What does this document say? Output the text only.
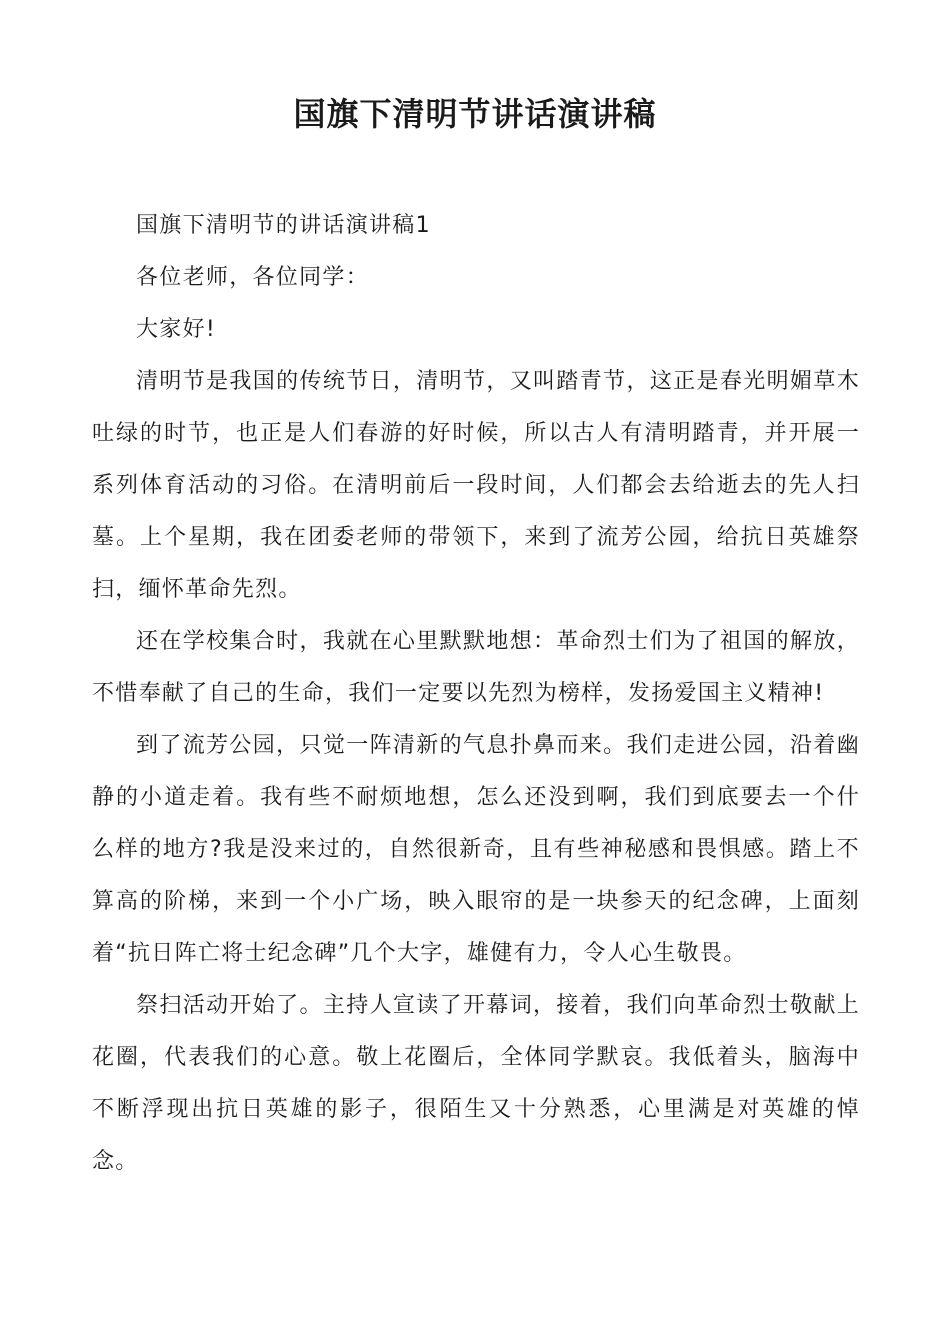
国旗下清明节讲话演讲稿

国旗下清明节的讲话演讲稿1

各位老师，各位同学：

大家好!

清明节是我国的传统节日，清明节，又叫踏青节，这正是春光明媚草木吐绿的时节，也正是人们春游的好时候，所以古人有清明踏青，并开展一系列体育活动的习俗。在清明前后一段时间，人们都会去给逝去的先人扫墓。上个星期，我在团委老师的带领下，来到了流芳公园，给抗日英雄祭扫，缅怀革命先烈。

还在学校集合时，我就在心里默默地想：革命烈士们为了祖国的解放，不惜奉献了自己的生命，我们一定要以先烈为榜样，发扬爱国主义精神!

到了流芳公园，只觉一阵清新的气息扑鼻而来。我们走进公园，沿着幽静的小道走着。我有些不耐烦地想，怎么还没到啊，我们到底要去一个什么样的地方?我是没来过的，自然很新奇，且有些神秘感和畏惧感。踏上不算高的阶梯，来到一个小广场，映入眼帘的是一块参天的纪念碑，上面刻着“抗日阵亡将士纪念碑”几个大字，雄健有力，令人心生敬畏。

祭扫活动开始了。主持人宣读了开幕词，接着，我们向革命烈士敬献上花圈，代表我们的心意。敬上花圈后，全体同学默哀。我低着头，脑海中不断浮现出抗日英雄的影子，很陌生又十分熟悉，心里满是对英雄的悼念。
